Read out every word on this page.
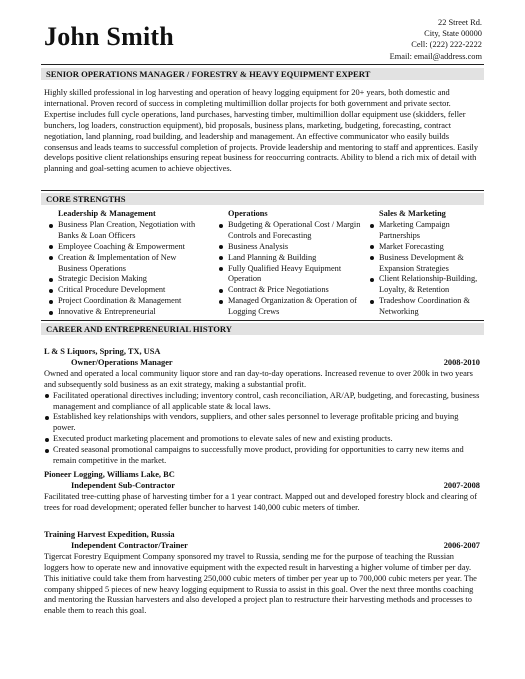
John Smith	22 Street Rd.
City, State 00000
Cell: (222) 222-2222
Email: email@address.com
SENIOR OPERATIONS MANAGER / FORESTRY & HEAVY EQUIPMENT EXPERT
Highly skilled professional in log harvesting and operation of heavy logging equipment for 20+ years, both domestic and international. Proven record of success in completing multimillion dollar projects for both government and private sector. Expertise includes full cycle operations, land purchases, harvesting timber, multimillion dollar equipment use (skidders, feller bunchers, log loaders, construction equipment), bid proposals, business plans, marketing, budgeting, forecasting, contract negotiation, land planning, road building, and leadership and management. An effective communicator who easily builds consensus and leads teams to successful completion of projects. Provide leadership and mentoring to staff and apprentices. Easily develops positive client relationships ensuring repeat business for reoccurring contracts. Ability to blend a rich mix of detail with planning and goal-setting acumen to achieve objectives.
CORE STRENGTHS
Leadership & Management
Business Plan Creation, Negotiation with Banks & Loan Officers
Employee Coaching & Empowerment
Creation & Implementation of New Business Operations
Strategic Decision Making
Critical Procedure Development
Project Coordination & Management
Innovative & Entrepreneurial
Operations
Budgeting & Operational Cost / Margin Controls and Forecasting
Business Analysis
Land Planning & Building
Fully Qualified Heavy Equipment Operation
Contract & Price Negotiations
Managed Organization & Operation of Logging Crews
Sales & Marketing
Marketing Campaign Partnerships
Market Forecasting
Business Development & Expansion Strategies
Client Relationship-Building, Loyalty, & Retention
Tradeshow Coordination & Networking
CAREER AND ENTREPRENEURIAL HISTORY
L & S Liquors, Spring, TX, USA
Owner/Operations Manager	2008-2010

Owned and operated a local community liquor store and ran day-to-day operations. Increased revenue to over 200k in two years and subsequently sold business as an exit strategy, making a substantial profit.

Facilitated operational directives including; inventory control, cash reconciliation, AR/AP, budgeting, and forecasting, business management and compliance of all applicable state & local laws.
Established key relationships with vendors, suppliers, and other sales personnel to leverage profitable pricing and buying power.
Executed product marketing placement and promotions to elevate sales of new and existing products.
Created seasonal promotional campaigns to successfully move product, providing for opportunities to carry new items and remain competitive in the market.
Pioneer Logging, Williams Lake, BC
Independent Sub-Contractor	2007-2008

Facilitated tree-cutting phase of harvesting timber for a 1 year contract. Mapped out and developed forestry block and clearing of trees for road development; operated feller buncher to harvest 140,000 cubic meters of timber.

Training Harvest Expedition, Russia
Independent Contractor/Trainer	2006-2007

Tigercat Forestry Equipment Company sponsored my travel to Russia, sending me for the purpose of teaching the Russian loggers how to operate new and innovative equipment with the expected result in harvesting a higher volume of timber per day. This initiative could take them from harvesting 250,000 cubic meters of timber per year up to 700,000 cubic meters per year. The company shipped 5 pieces of new heavy logging equipment to Russia to assist in this goal. Over the next three months coaching and mentoring the Russian harvesters and also developed a project plan to restructure their harvesting methods and processes to enable them to reach this goal.
